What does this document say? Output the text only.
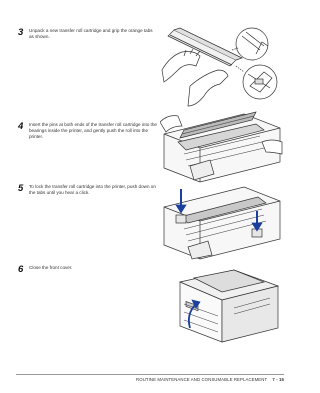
3 Unpack a new transfer roll cartridge and grip the orange tabs as shown.
4 Insert the pins at both ends of the transfer roll cartridge into the bearings inside the printer, and gently push the roll into the printer.
5 To lock the transfer roll cartridge into the printer, push down on the tabs until you hear a click.
6 Close the front cover.
ROUTINE MAINTENANCE AND CONSUMABLE REPLACEMENT 7 - 15
